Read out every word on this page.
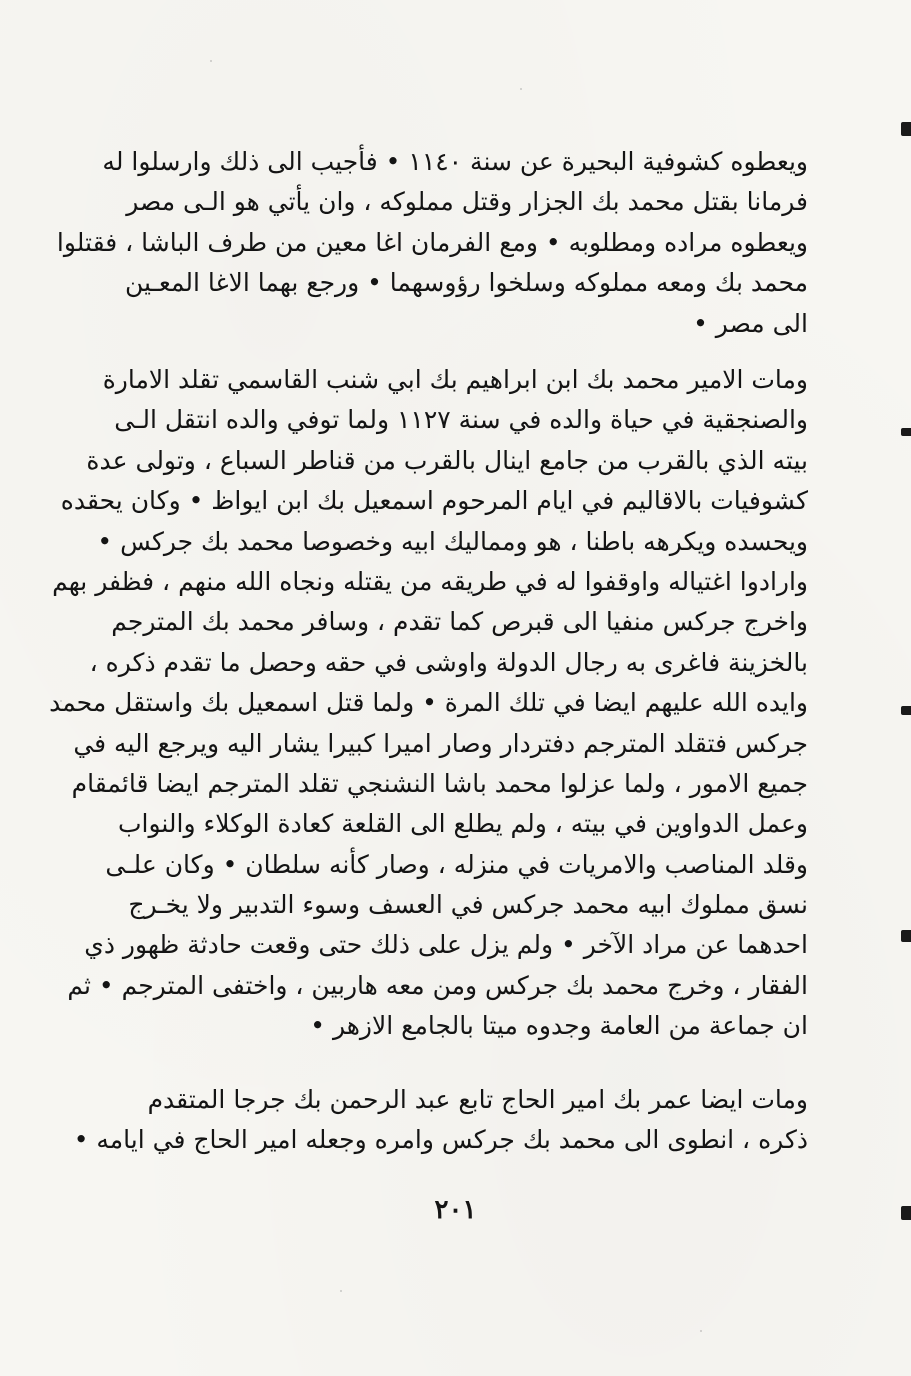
ويعطوه كشوفية البحيرة عن سنة ١١٤٠ • فأجيب الى ذلك وارسلوا له
فرمانا بقتل محمد بك الجزار وقتل مملوكه ، وان يأتي هو الـى مصر
ويعطوه مراده ومطلوبه • ومع الفرمان اغا معين من طرف الباشا ، فقتلوا
محمد بك ومعه مملوكه وسلخوا رؤوسهما • ورجع بهما الاغا المعـين
الى مصر •
ومات الامير محمد بك ابن ابراهيم بك ابي شنب القاسمي تقلد الامارة
والصنجقية في حياة والده في سنة ١١٢٧ ولما توفي والده انتقل الـى
بيته الذي بالقرب من جامع اينال بالقرب من قناطر السباع ، وتولى عدة
كشوفيات بالاقاليم في ايام المرحوم اسمعيل بك ابن ايواظ • وكان يحقده
ويحسده ويكرهه باطنا ، هو ومماليك ابيه وخصوصا محمد بك جركس •
وارادوا اغتياله واوقفوا له في طريقه من يقتله ونجاه الله منهم ، فظفر بهم
واخرج جركس منفيا الى قبرص كما تقدم ، وسافر محمد بك المترجم
بالخزينة فاغرى به رجال الدولة واوشى في حقه وحصل ما تقدم ذكره ،
وايده الله عليهم ايضا في تلك المرة • ولما قتل اسمعيل بك واستقل محمد
جركس فتقلد المترجم دفتردار وصار اميرا كبيرا يشار اليه ويرجع اليه في
جميع الامور ، ولما عزلوا محمد باشا النشنجي تقلد المترجم ايضا قائمقام
وعمل الدواوين في بيته ، ولم يطلع الى القلعة كعادة الوكلاء والنواب
وقلد المناصب والامريات في منزله ، وصار كأنه سلطان • وكان علـى
نسق مملوك ابيه محمد جركس في العسف وسوء التدبير ولا يخـرج
احدهما عن مراد الآخر • ولم يزل على ذلك حتى وقعت حادثة ظهور ذي
الفقار ، وخرج محمد بك جركس ومن معه هاربين ، واختفى المترجم • ثم
ان جماعة من العامة وجدوه ميتا بالجامع الازهر •
ومات ايضا عمر بك امير الحاج تابع عبد الرحمن بك جرجا المتقدم
ذكره ، انطوى الى محمد بك جركس وامره وجعله امير الحاج في ايامه •
٢٠١
